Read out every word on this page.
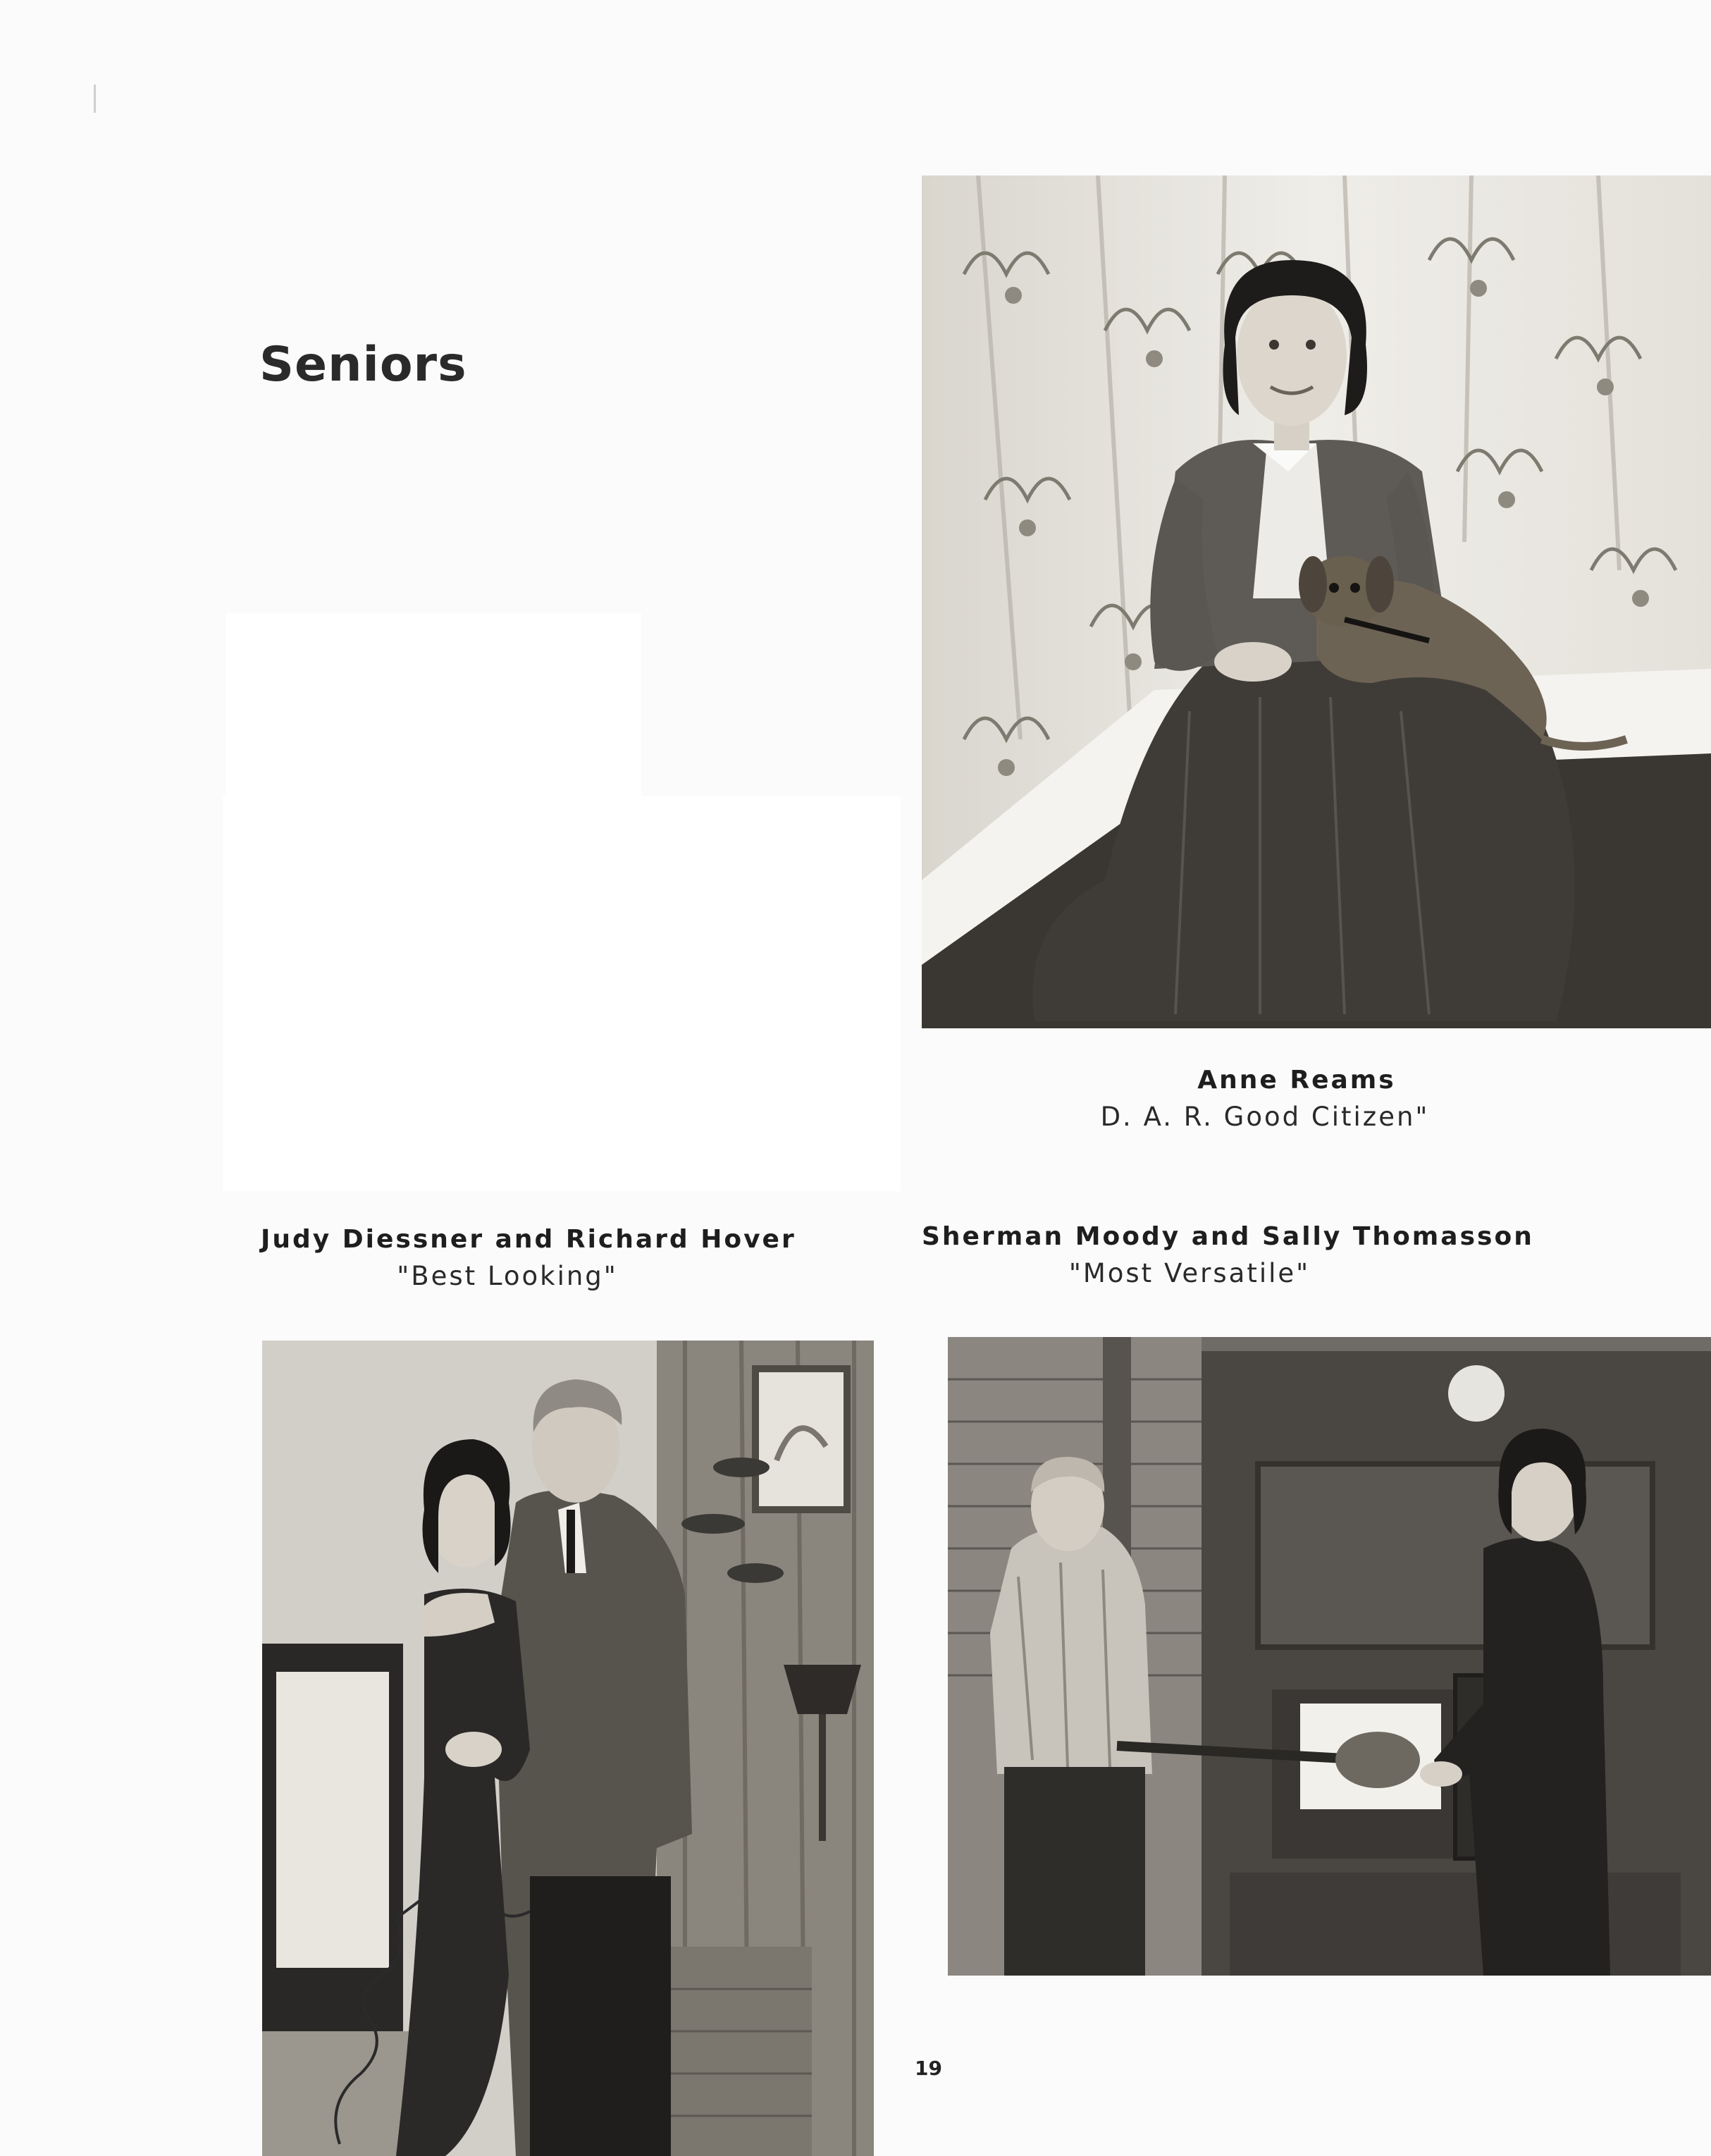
Seniors
Anne Reams
D. A. R. Good Citizen"
Judy Diessner and Richard Hover
"Best Looking"
Sherman Moody and Sally Thomasson
"Most Versatile"
19
